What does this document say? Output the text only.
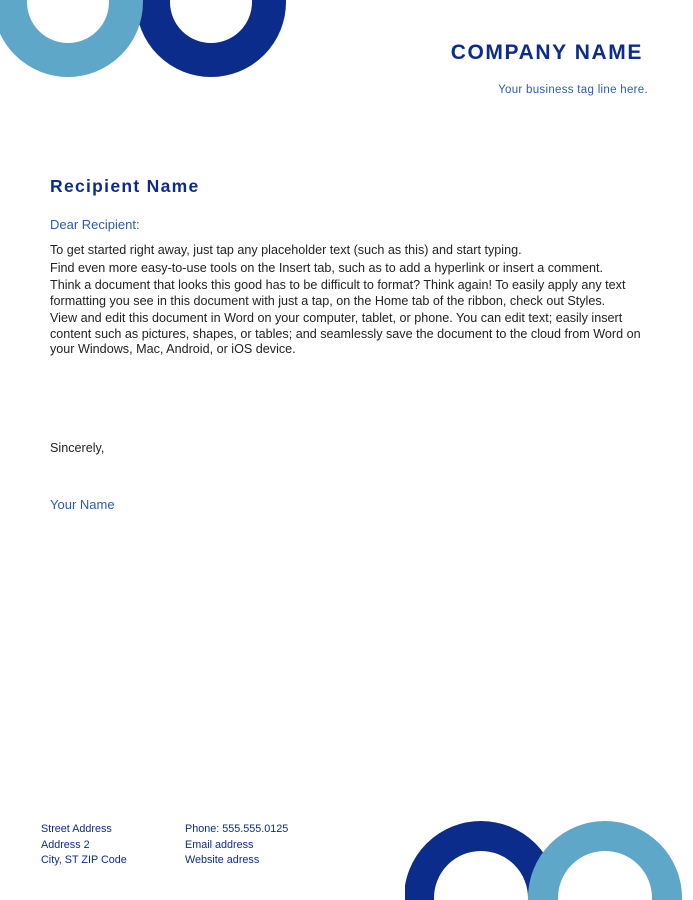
COMPANY NAME
Your business tag line here.
Recipient Name
Dear Recipient:

To get started right away, just tap any placeholder text (such as this) and start typing.

Find even more easy-to-use tools on the Insert tab, such as to add a hyperlink or insert a comment.

Think a document that looks this good has to be difficult to format? Think again! To easily apply any text formatting you see in this document with just a tap, on the Home tab of the ribbon, check out Styles.

View and edit this document in Word on your computer, tablet, or phone. You can edit text; easily insert content such as pictures, shapes, or tables; and seamlessly save the document to the cloud from Word on your Windows, Mac, Android, or iOS device.

Sincerely,
Your Name
Street Address
Address 2
City, ST ZIP Code
Phone: 555.555.0125
Email address
Website adress
